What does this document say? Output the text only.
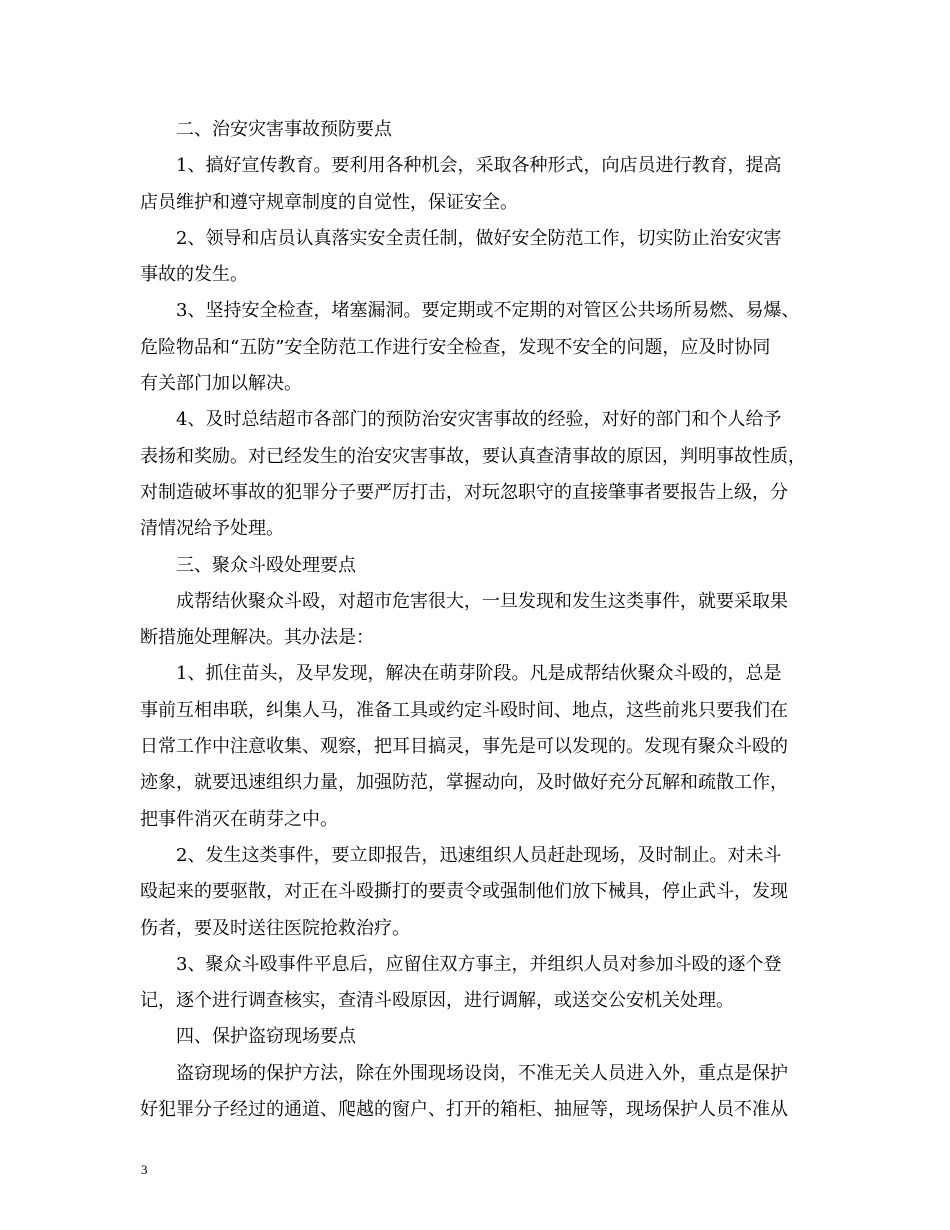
二、治安灾害事故预防要点
1、搞好宣传教育。要利用各种机会，采取各种形式，向店员进行教育，提高
店员维护和遵守规章制度的自觉性，保证安全。
2、领导和店员认真落实安全责任制，做好安全防范工作，切实防止治安灾害
事故的发生。
3、坚持安全检查，堵塞漏洞。要定期或不定期的对管区公共场所易燃、易爆、
危险物品和“五防”安全防范工作进行安全检查，发现不安全的问题，应及时协同
有关部门加以解决。
4、及时总结超市各部门的预防治安灾害事故的经验，对好的部门和个人给予
表扬和奖励。对已经发生的治安灾害事故，要认真查清事故的原因，判明事故性质，
对制造破坏事故的犯罪分子要严厉打击，对玩忽职守的直接肇事者要报告上级，分
清情况给予处理。
三、聚众斗殴处理要点
成帮结伙聚众斗殴，对超市危害很大，一旦发现和发生这类事件，就要采取果
断措施处理解决。其办法是：
1、抓住苗头，及早发现，解决在萌芽阶段。凡是成帮结伙聚众斗殴的，总是
事前互相串联，纠集人马，准备工具或约定斗殴时间、地点，这些前兆只要我们在
日常工作中注意收集、观察，把耳目搞灵，事先是可以发现的。发现有聚众斗殴的
迹象，就要迅速组织力量，加强防范，掌握动向，及时做好充分瓦解和疏散工作，
把事件消灭在萌芽之中。
2、发生这类事件，要立即报告，迅速组织人员赶赴现场，及时制止。对未斗
殴起来的要驱散，对正在斗殴撕打的要责令或强制他们放下械具，停止武斗，发现
伤者，要及时送往医院抢救治疗。
3、聚众斗殴事件平息后，应留住双方事主，并组织人员对参加斗殴的逐个登
记，逐个进行调查核实，查清斗殴原因，进行调解，或送交公安机关处理。
四、保护盗窃现场要点
盗窃现场的保护方法，除在外围现场设岗，不准无关人员进入外，重点是保护
好犯罪分子经过的通道、爬越的窗户、打开的箱柜、抽屉等，现场保护人员不准从
3
